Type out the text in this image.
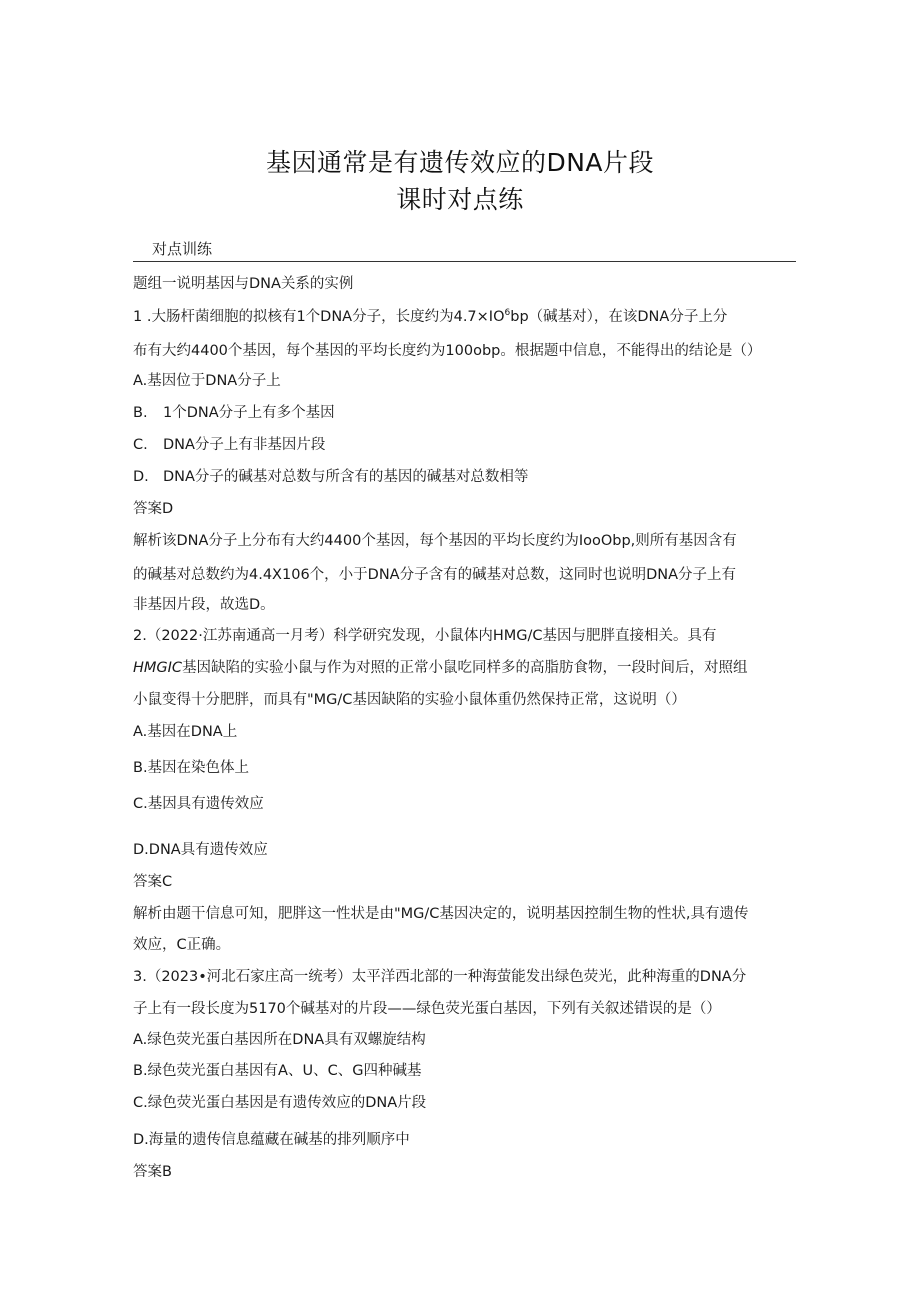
基因通常是有遗传效应的DNA片段
课时对点练
对点训练
题组一说明基因与DNA关系的实例
1 .大肠杆菌细胞的拟核有1个DNA分子，长度约为$4.7\times IO^6bp$（碱基对），在该DNA分子上分
布有大约4400个基因，每个基因的平均长度约为100obp。根据题中信息，不能得出的结论是（）
A.基因位于DNA分子上
B. 1个DNA分子上有多个基因
C. DNA分子上有非基因片段
D. DNA分子的碱基对总数与所含有的基因的碱基对总数相等
答案D
解析该DNA分子上分布有大约4400个基因，每个基因的平均长度约为IooObp,则所有基因含有
的碱基对总数约为4.4X106个，小于DNA分子含有的碱基对总数，这同时也说明DNA分子上有
非基因片段，故选D。
2.（2022·江苏南通高一月考）科学研究发现，小鼠体内HMG/C基因与肥胖直接相关。具有
HMGIC基因缺陷的实验小鼠与作为对照的正常小鼠吃同样多的高脂肪食物，一段时间后，对照组
小鼠变得十分肥胖，而具有"MG/C基因缺陷的实验小鼠体重仍然保持正常，这说明（）
A.基因在DNA上
B.基因在染色体上
C.基因具有遗传效应
D.DNA具有遗传效应
答案C
解析由题干信息可知，肥胖这一性状是由"MG/C基因决定的，说明基因控制生物的性状,具有遗传
效应，C正确。
3.（2023•河北石家庄高一统考）太平洋西北部的一种海萤能发出绿色荧光，此种海重的DNA分
子上有一段长度为5170个碱基对的片段——绿色荧光蛋白基因，下列有关叙述错误的是（）
A.绿色荧光蛋白基因所在DNA具有双螺旋结构
B.绿色荧光蛋白基因有A、U、C、G四种碱基
C.绿色荧光蛋白基因是有遗传效应的DNA片段
D.海量的遗传信息蕴藏在碱基的排列顺序中
答案B
